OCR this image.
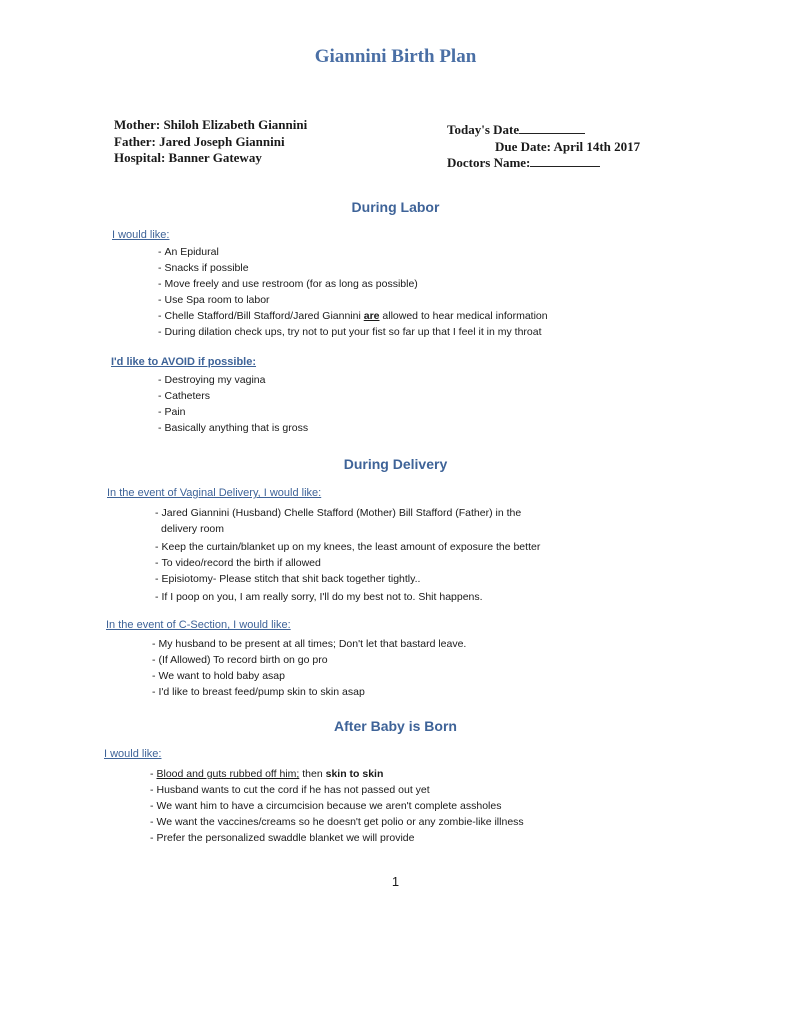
Giannini Birth Plan
Mother: Shiloh Elizabeth Giannini
Father: Jared Joseph Giannini
Hospital: Banner Gateway
Today's Date
Due Date: April 14th 2017
Doctors Name:
During Labor

I would like:

- An Epidural
- Snacks if possible
- Move freely and use restroom (for as long as possible)
- Use Spa room to labor
- Chelle Stafford/Bill Stafford/Jared Giannini are allowed to hear medical information
- During dilation check ups, try not to put your fist so far up that I feel it in my throat

I'd like to AVOID if possible:

- Destroying my vagina
- Catheters
- Pain
- Basically anything that is gross
During Delivery

In the event of Vaginal Delivery, I would like:

- Jared Giannini (Husband) Chelle Stafford (Mother) Bill Stafford (Father) in the
delivery room
- Keep the curtain/blanket up on my knees, the least amount of exposure the better
- To video/record the birth if allowed
- Episiotomy- Please stitch that shit back together tightly..
- If I poop on you, I am really sorry, I'll do my best not to. Shit happens.

In the event of C-Section, I would like:

- My husband to be present at all times; Don't let that bastard leave.
- (If Allowed) To record birth on go pro
- We want to hold baby asap
- I'd like to breast feed/pump skin to skin asap
After Baby is Born

I would like:

- Blood and guts rubbed off him; then skin to skin
- Husband wants to cut the cord if he has not passed out yet
- We want him to have a circumcision because we aren't complete assholes
- We want the vaccines/creams so he doesn't get polio or any zombie-like illness
- Prefer the personalized swaddle blanket we will provide
1
